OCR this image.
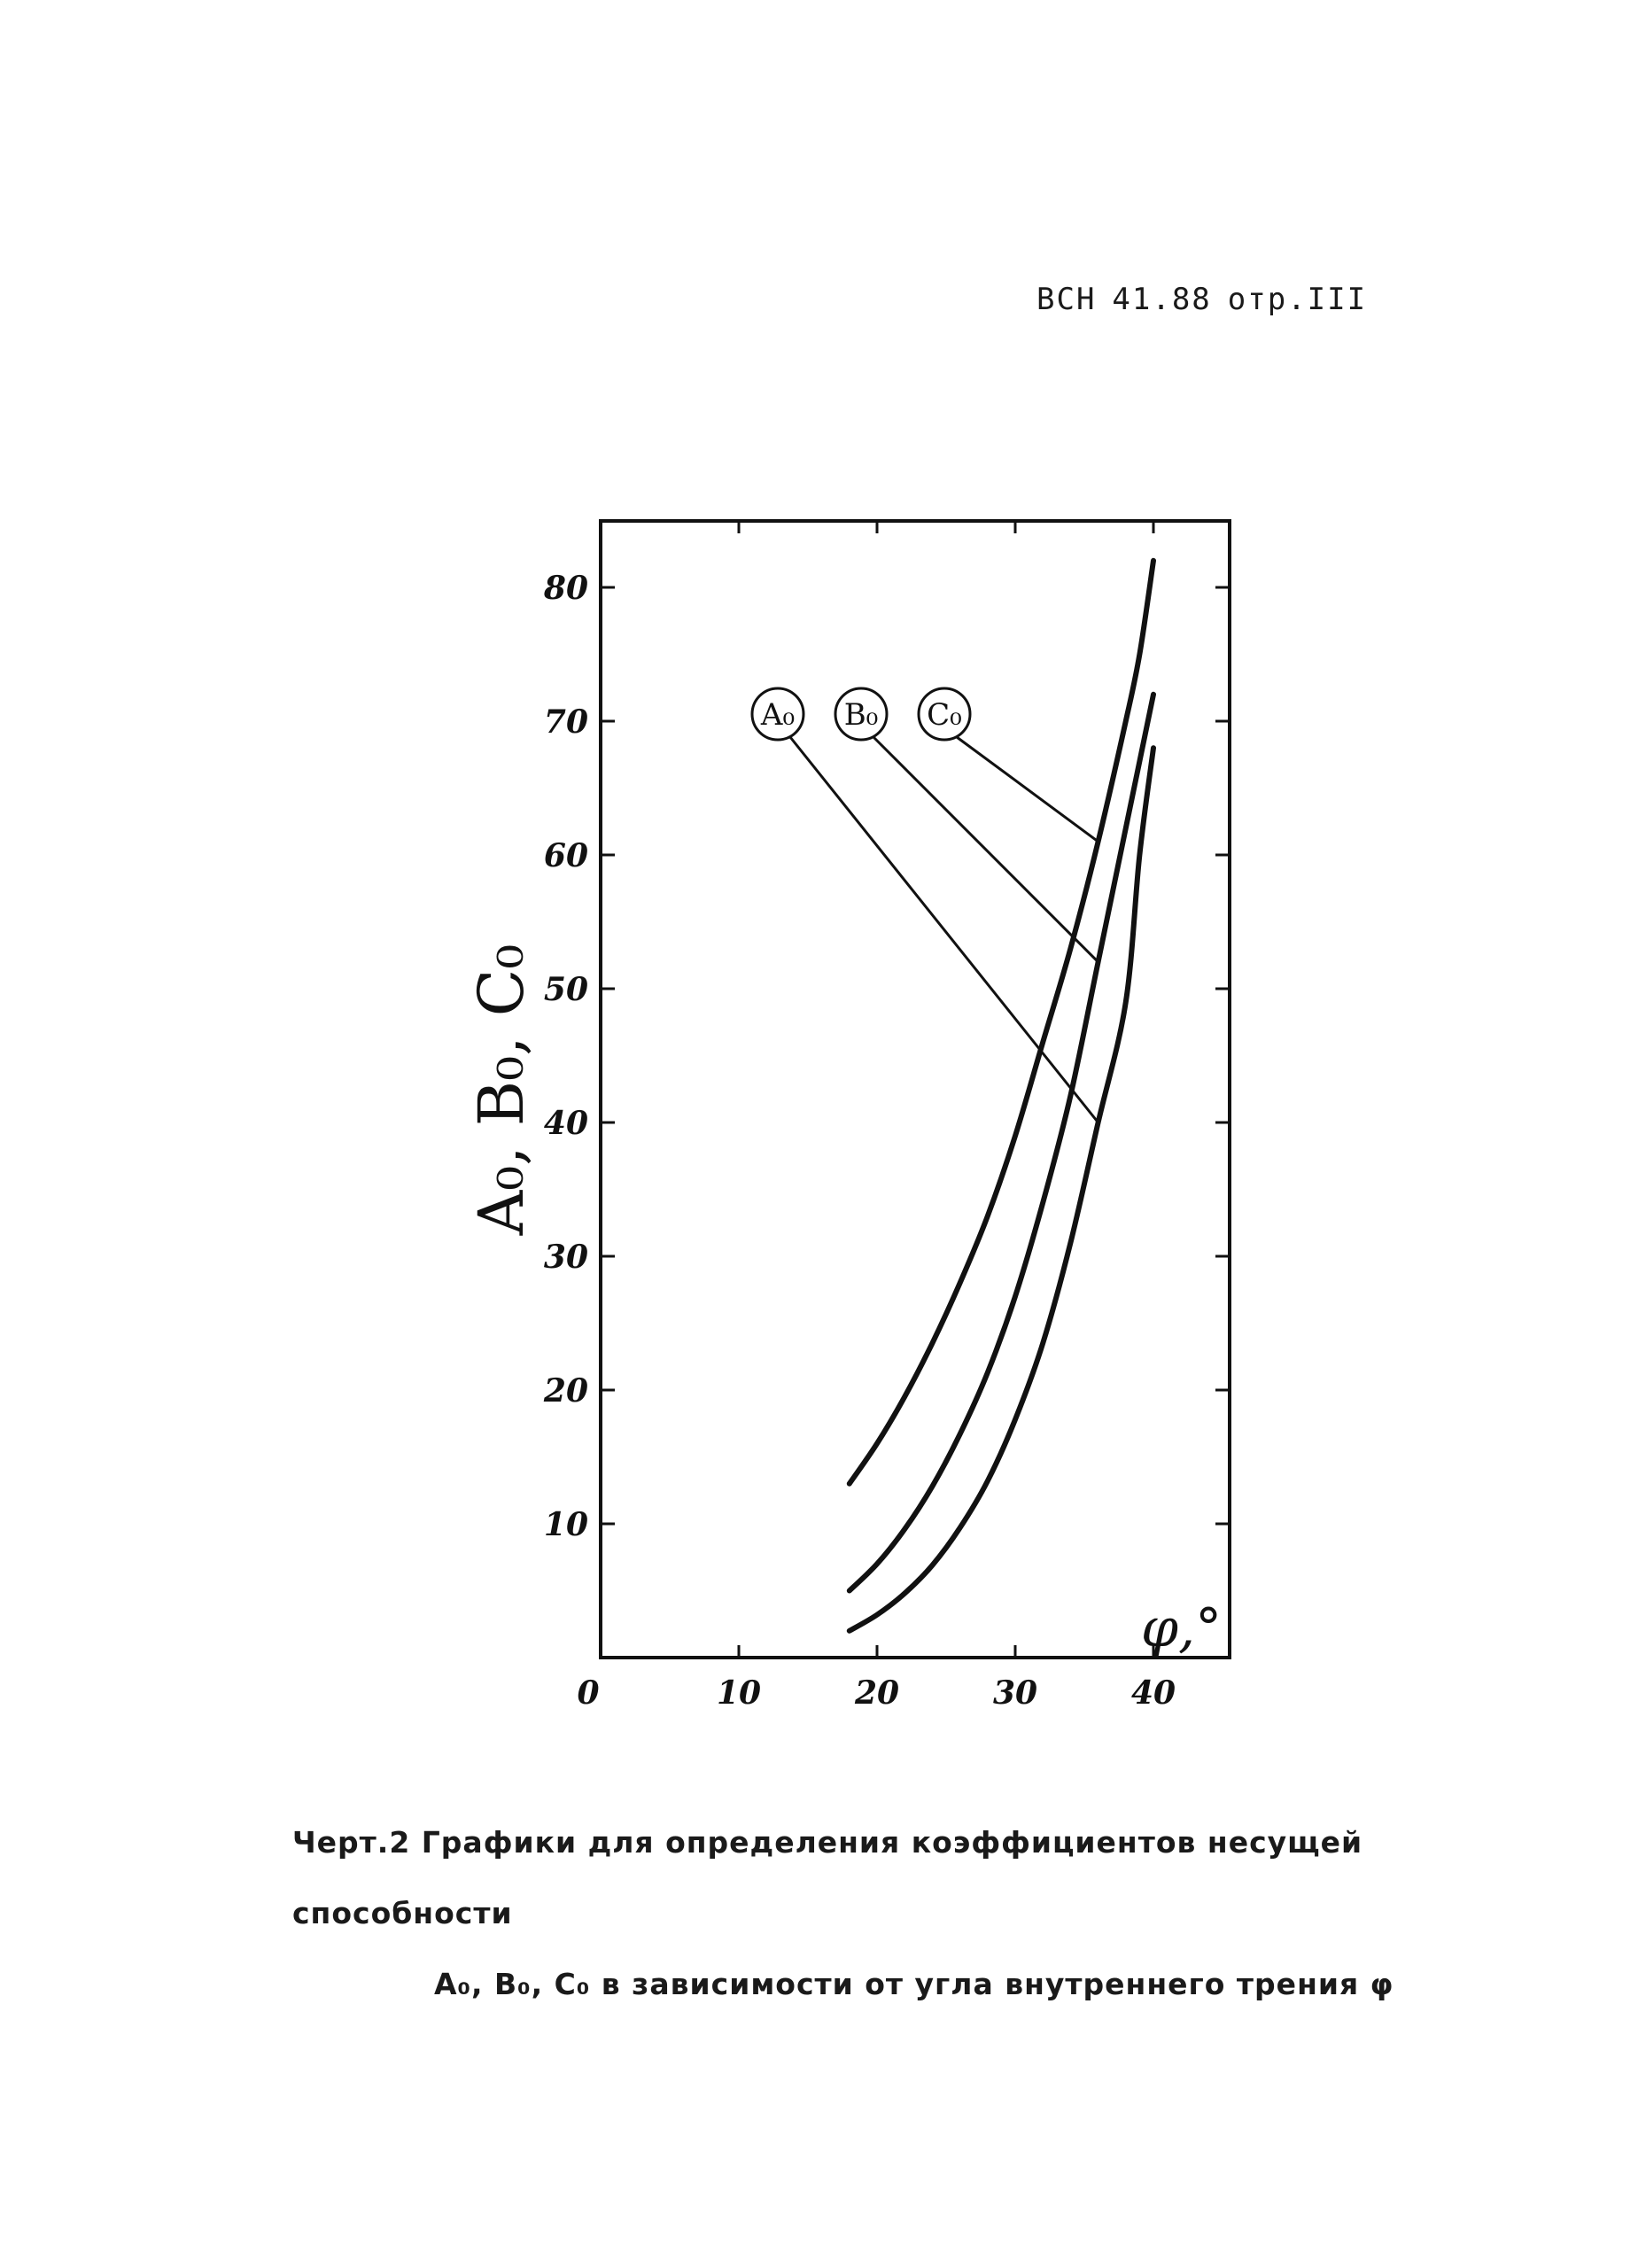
ВСН 41.88 отр.III
0	10	20	30	40
10
20
30
40
50
60
70
80
A₀ B₀ C₀
A₀, B₀, C₀
φ,°
Черт.2 Графики для определения коэффициентов несущей способности
A₀, B₀, C₀ в зависимости от угла внутреннего трения φ
